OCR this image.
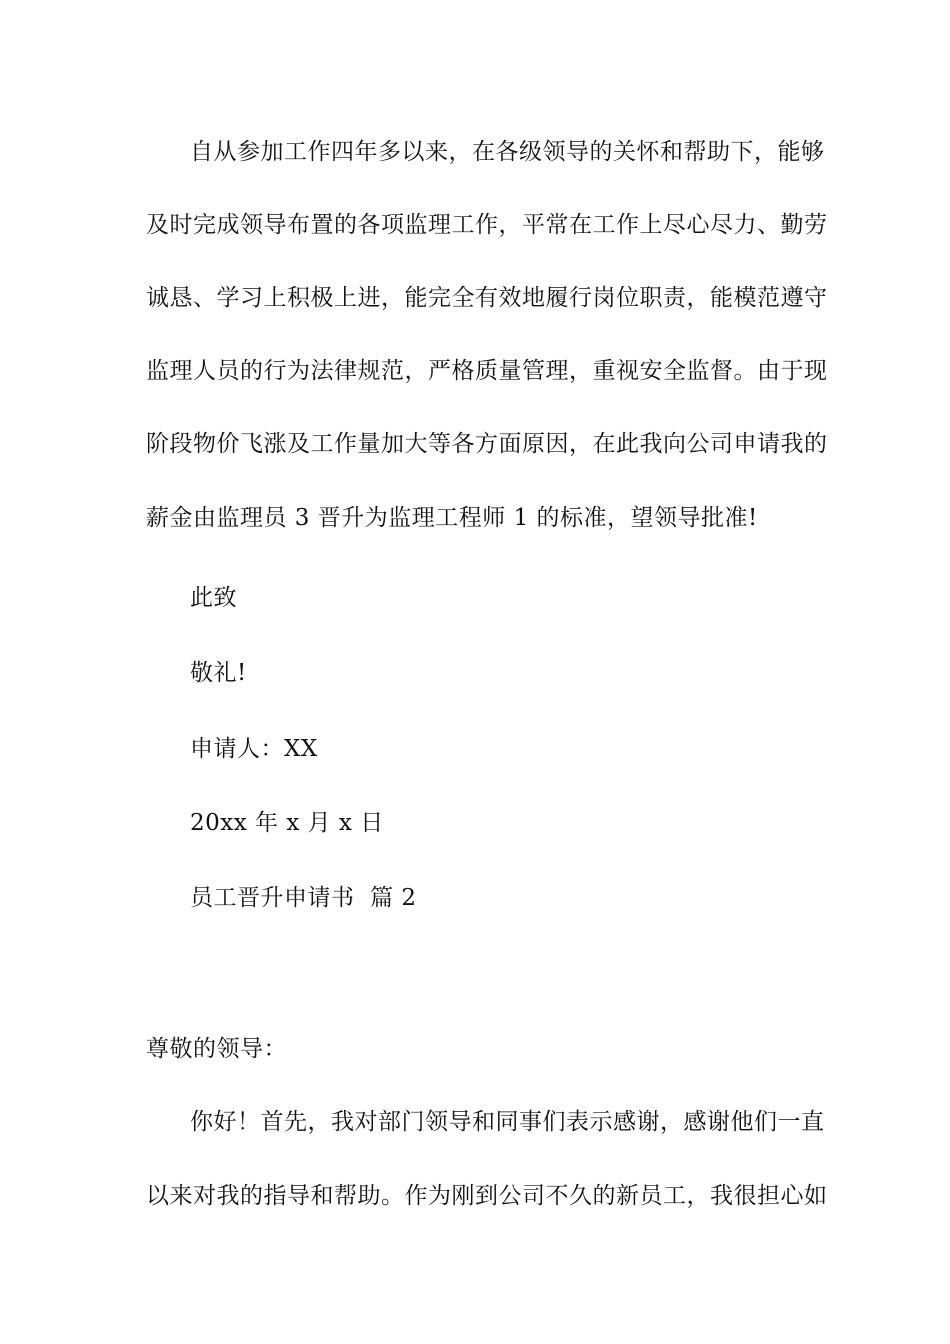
自从参加工作四年多以来，在各级领导的关怀和帮助下，能够
及时完成领导布置的各项监理工作，平常在工作上尽心尽力、勤劳
诚恳、学习上积极上进，能完全有效地履行岗位职责，能模范遵守
监理人员的行为法律规范，严格质量管理，重视安全监督。由于现
阶段物价飞涨及工作量加大等各方面原因，在此我向公司申请我的
薪金由监理员 3 晋升为监理工程师 1 的标准，望领导批准!
此致
敬礼!
申请人：XX
20xx 年 x 月 x 日
员工晋升申请书  篇 2
尊敬的领导：
你好！首先，我对部门领导和同事们表示感谢，感谢他们一直
以来对我的指导和帮助。作为刚到公司不久的新员工，我很担心如
